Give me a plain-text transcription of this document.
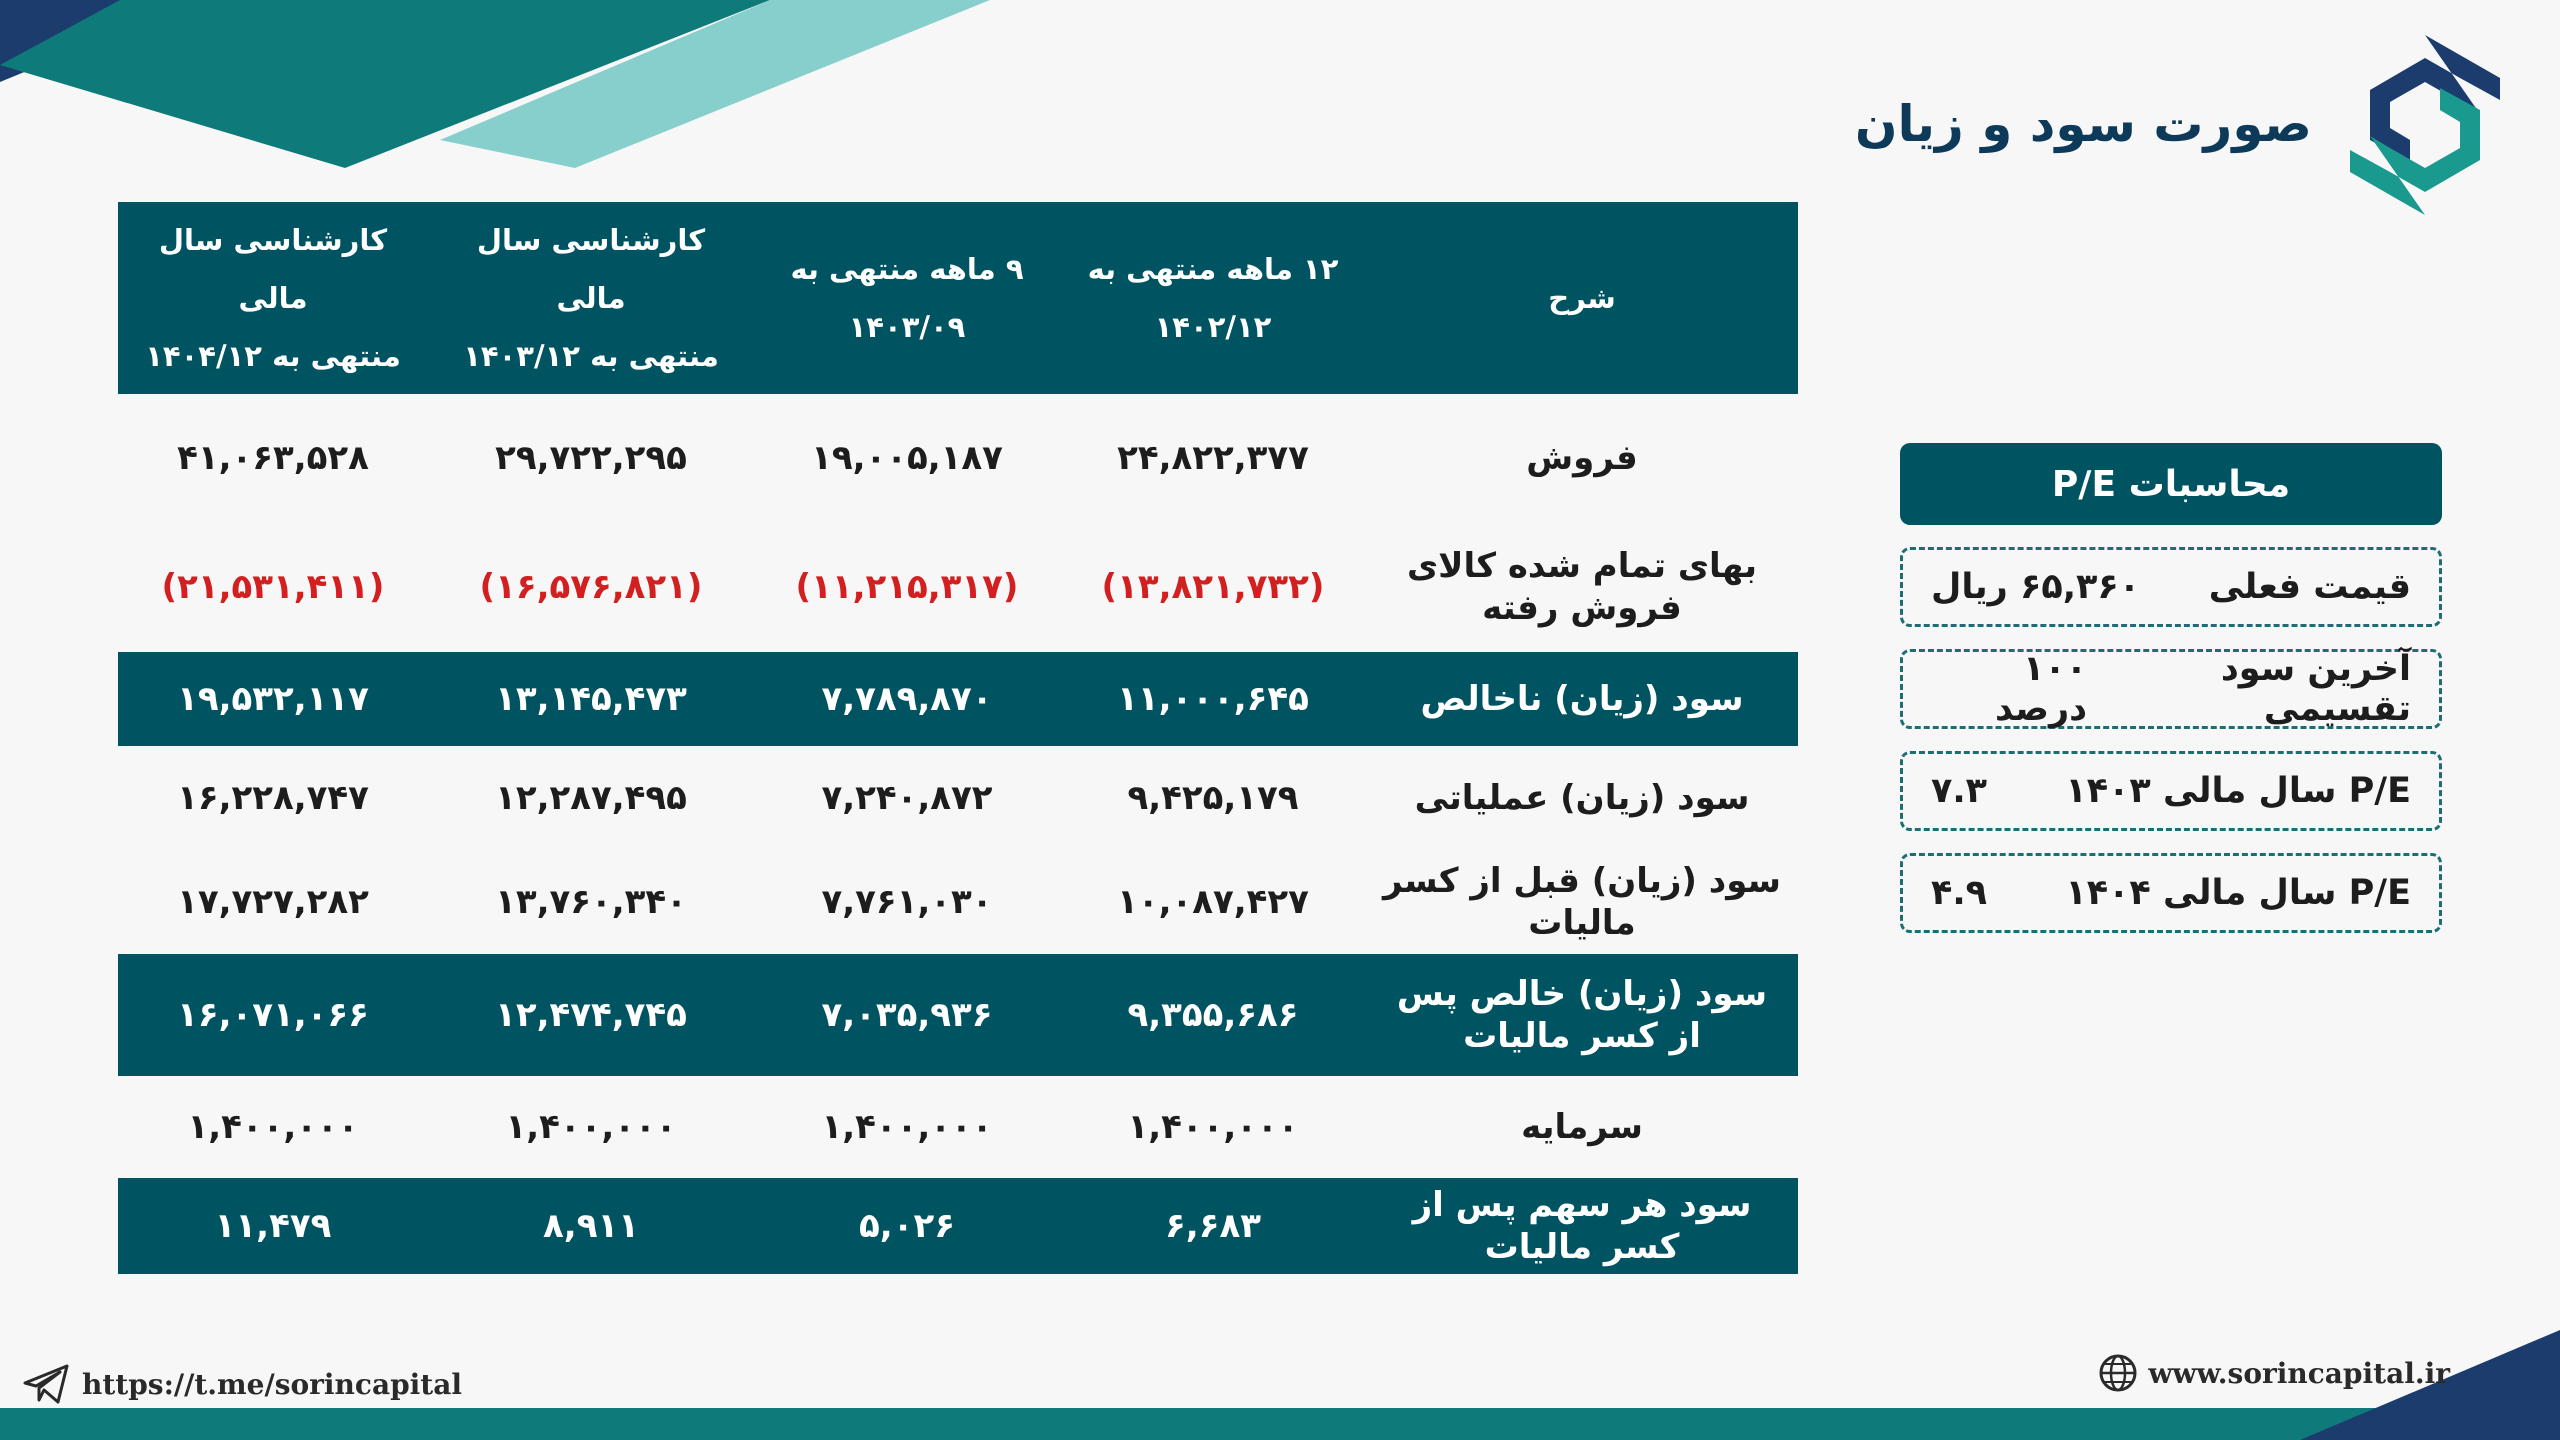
صورت سود و زیان
شرح
۱۲ ماهه منتهی به
۱۴۰۲/۱۲
۹ ماهه منتهی به
۱۴۰۳/۰۹
کارشناسی سال مالی
منتهی به ۱۴۰۳/۱۲
کارشناسی سال مالی
منتهی به ۱۴۰۴/۱۲
فروش
۲۴,۸۲۲,۳۷۷
۱۹,۰۰۵,۱۸۷
۲۹,۷۲۲,۲۹۵
۴۱,۰۶۳,۵۲۸
بهای تمام شده کالای فروش رفته
(۱۳,۸۲۱,۷۳۲)
(۱۱,۲۱۵,۳۱۷)
(۱۶,۵۷۶,۸۲۱)
(۲۱,۵۳۱,۴۱۱)
سود (زیان) ناخالص
۱۱,۰۰۰,۶۴۵
۷,۷۸۹,۸۷۰
۱۳,۱۴۵,۴۷۳
۱۹,۵۳۲,۱۱۷
سود (زیان) عملیاتی
۹,۴۲۵,۱۷۹
۷,۲۴۰,۸۷۲
۱۲,۲۸۷,۴۹۵
۱۶,۲۲۸,۷۴۷
سود (زیان) قبل از کسر مالیات
۱۰,۰۸۷,۴۲۷
۷,۷۶۱,۰۳۰
۱۳,۷۶۰,۳۴۰
۱۷,۷۲۷,۲۸۲
سود (زیان) خالص پس از کسر مالیات
۹,۳۵۵,۶۸۶
۷,۰۳۵,۹۳۶
۱۲,۴۷۴,۷۴۵
۱۶,۰۷۱,۰۶۶
سرمایه
۱,۴۰۰,۰۰۰
۱,۴۰۰,۰۰۰
۱,۴۰۰,۰۰۰
۱,۴۰۰,۰۰۰
سود هر سهم پس از کسر مالیات
۶,۶۸۳
۵,۰۲۶
۸,۹۱۱
۱۱,۴۷۹
محاسبات P/E
قیمت فعلی
۶۵,۳۶۰ ریال
آخرین سود تقسیمی
۱۰۰ درصد
P/E سال مالی ۱۴۰۳
۷.۳
P/E سال مالی ۱۴۰۴
۴.۹
https://t.me/sorincapital	www.sorincapital.ir
